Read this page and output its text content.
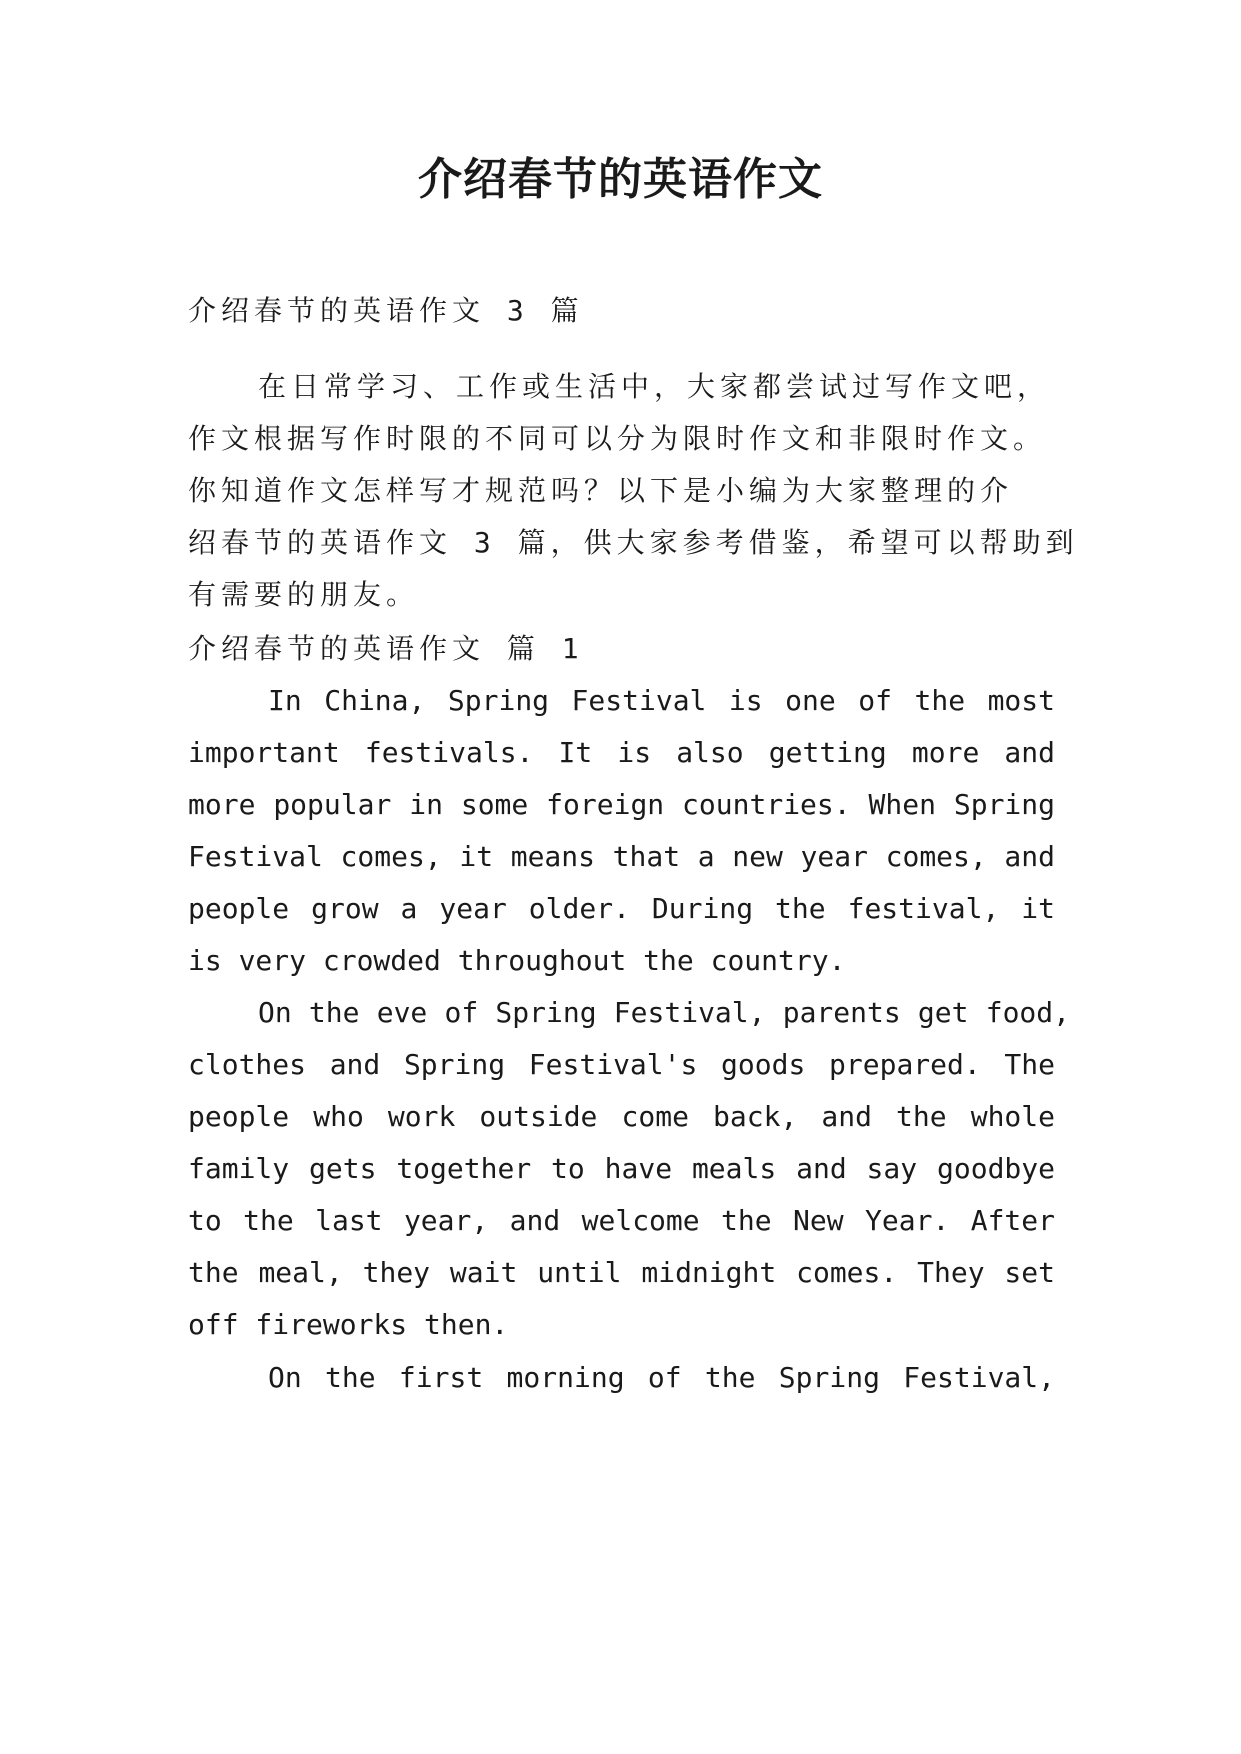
介绍春节的英语作文

介绍春节的英语作文 3 篇

在日常学习、工作或生活中，大家都尝试过写作文吧，

作文根据写作时限的不同可以分为限时作文和非限时作文。

你知道作文怎样写才规范吗？以下是小编为大家整理的介

绍春节的英语作文 3 篇，供大家参考借鉴，希望可以帮助到

有需要的朋友。

介绍春节的英语作文 篇 1

In China, Spring Festival is one of the most

important festivals. It is also getting more and

more popular in some foreign countries. When Spring

Festival comes, it means that a new year comes, and

people grow a year older. During the festival, it

is very crowded throughout the country.

On the eve of Spring Festival, parents get food,

clothes and Spring Festival's goods prepared. The

people who work outside come back, and the whole

family gets together to have meals and say goodbye

to the last year, and welcome the New Year. After

the meal, they wait until midnight comes. They set

off fireworks then.

On the first morning of the Spring Festival,
